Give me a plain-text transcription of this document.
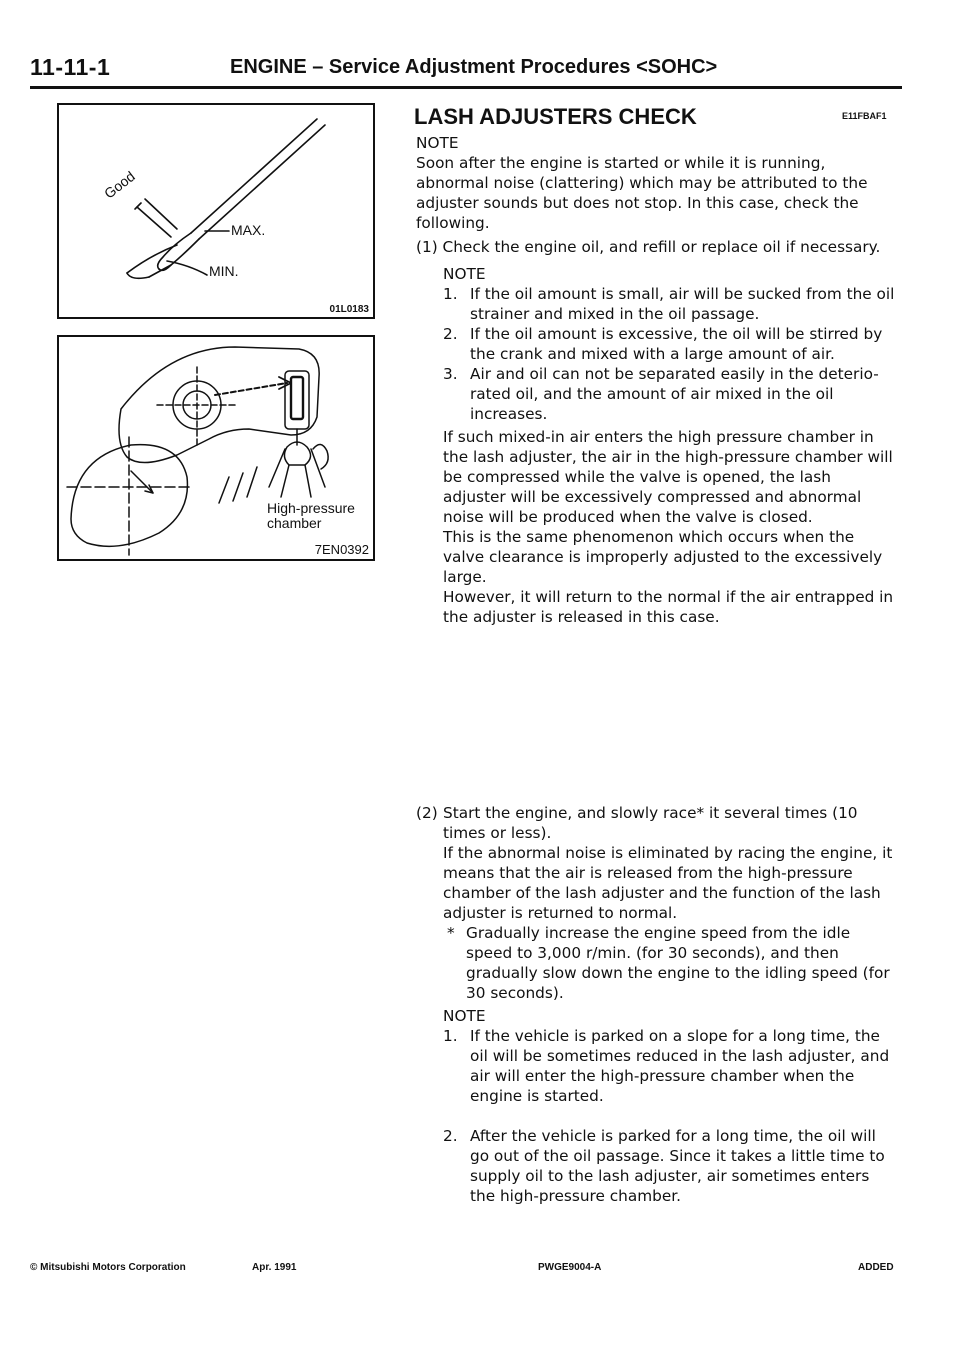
11-11-1	ENGINE – Service Adjustment Procedures <SOHC>
Good
MAX.
MIN.
01L0183
High-pressure
chamber
7EN0392
LASH ADJUSTERS CHECK	E11FBAF1
NOTE
Soon after the engine is started or while it is running,
abnormal noise (clattering) which may be attributed to the
adjuster sounds but does not stop. In this case, check the
following.
(1) Check the engine oil, and refill or replace oil if necessary.
NOTE
1. If the oil amount is small, air will be sucked from the oil
strainer and mixed in the oil passage.
2. If the oil amount is excessive, the oil will be stirred by
the crank and mixed with a large amount of air.
3. Air and oil can not be separated easily in the deterio-
rated oil, and the amount of air mixed in the oil
increases.
If such mixed-in air enters the high pressure chamber in
the lash adjuster, the air in the high-pressure chamber will
be compressed while the valve is opened, the lash
adjuster will be excessively compressed and abnormal
noise will be produced when the valve is closed.
This is the same phenomenon which occurs when the
valve clearance is improperly adjusted to the excessively
large.
However, it will return to the normal if the air entrapped in
the adjuster is released in this case.
(2) Start the engine, and slowly race* it several times (10
times or less).
If the abnormal noise is eliminated by racing the engine, it
means that the air is released from the high-pressure
chamber of the lash adjuster and the function of the lash
adjuster is returned to normal.
* Gradually increase the engine speed from the idle
speed to 3,000 r/min. (for 30 seconds), and then
gradually slow down the engine to the idling speed (for
30 seconds).
NOTE
1. If the vehicle is parked on a slope for a long time, the
oil will be sometimes reduced in the lash adjuster, and
air will enter the high-pressure chamber when the
engine is started.
2. After the vehicle is parked for a long time, the oil will
go out of the oil passage. Since it takes a little time to
supply oil to the lash adjuster, air sometimes enters
the high-pressure chamber.
© Mitsubishi Motors Corporation	Apr. 1991	PWGE9004-A	ADDED
